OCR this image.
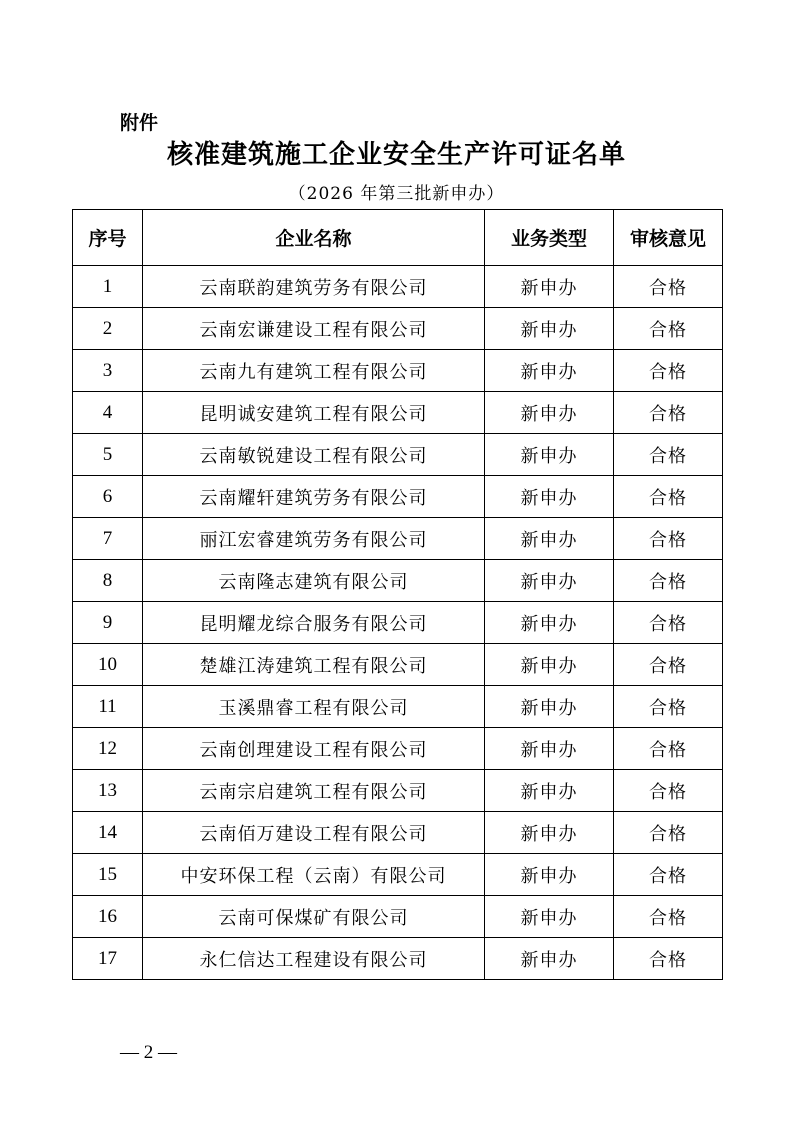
附件
核准建筑施工企业安全生产许可证名单
（2026 年第三批新申办）
序号	企业名称	业务类型	审核意见
1	云南联韵建筑劳务有限公司	新申办	合格
2	云南宏谦建设工程有限公司	新申办	合格
3	云南九有建筑工程有限公司	新申办	合格
4	昆明诚安建筑工程有限公司	新申办	合格
5	云南敏锐建设工程有限公司	新申办	合格
6	云南耀轩建筑劳务有限公司	新申办	合格
7	丽江宏睿建筑劳务有限公司	新申办	合格
8	云南隆志建筑有限公司	新申办	合格
9	昆明耀龙综合服务有限公司	新申办	合格
10	楚雄江涛建筑工程有限公司	新申办	合格
11	玉溪鼎睿工程有限公司	新申办	合格
12	云南创理建设工程有限公司	新申办	合格
13	云南宗启建筑工程有限公司	新申办	合格
14	云南佰万建设工程有限公司	新申办	合格
15	中安环保工程（云南）有限公司	新申办	合格
16	云南可保煤矿有限公司	新申办	合格
17	永仁信达工程建设有限公司	新申办	合格
— 2 —
